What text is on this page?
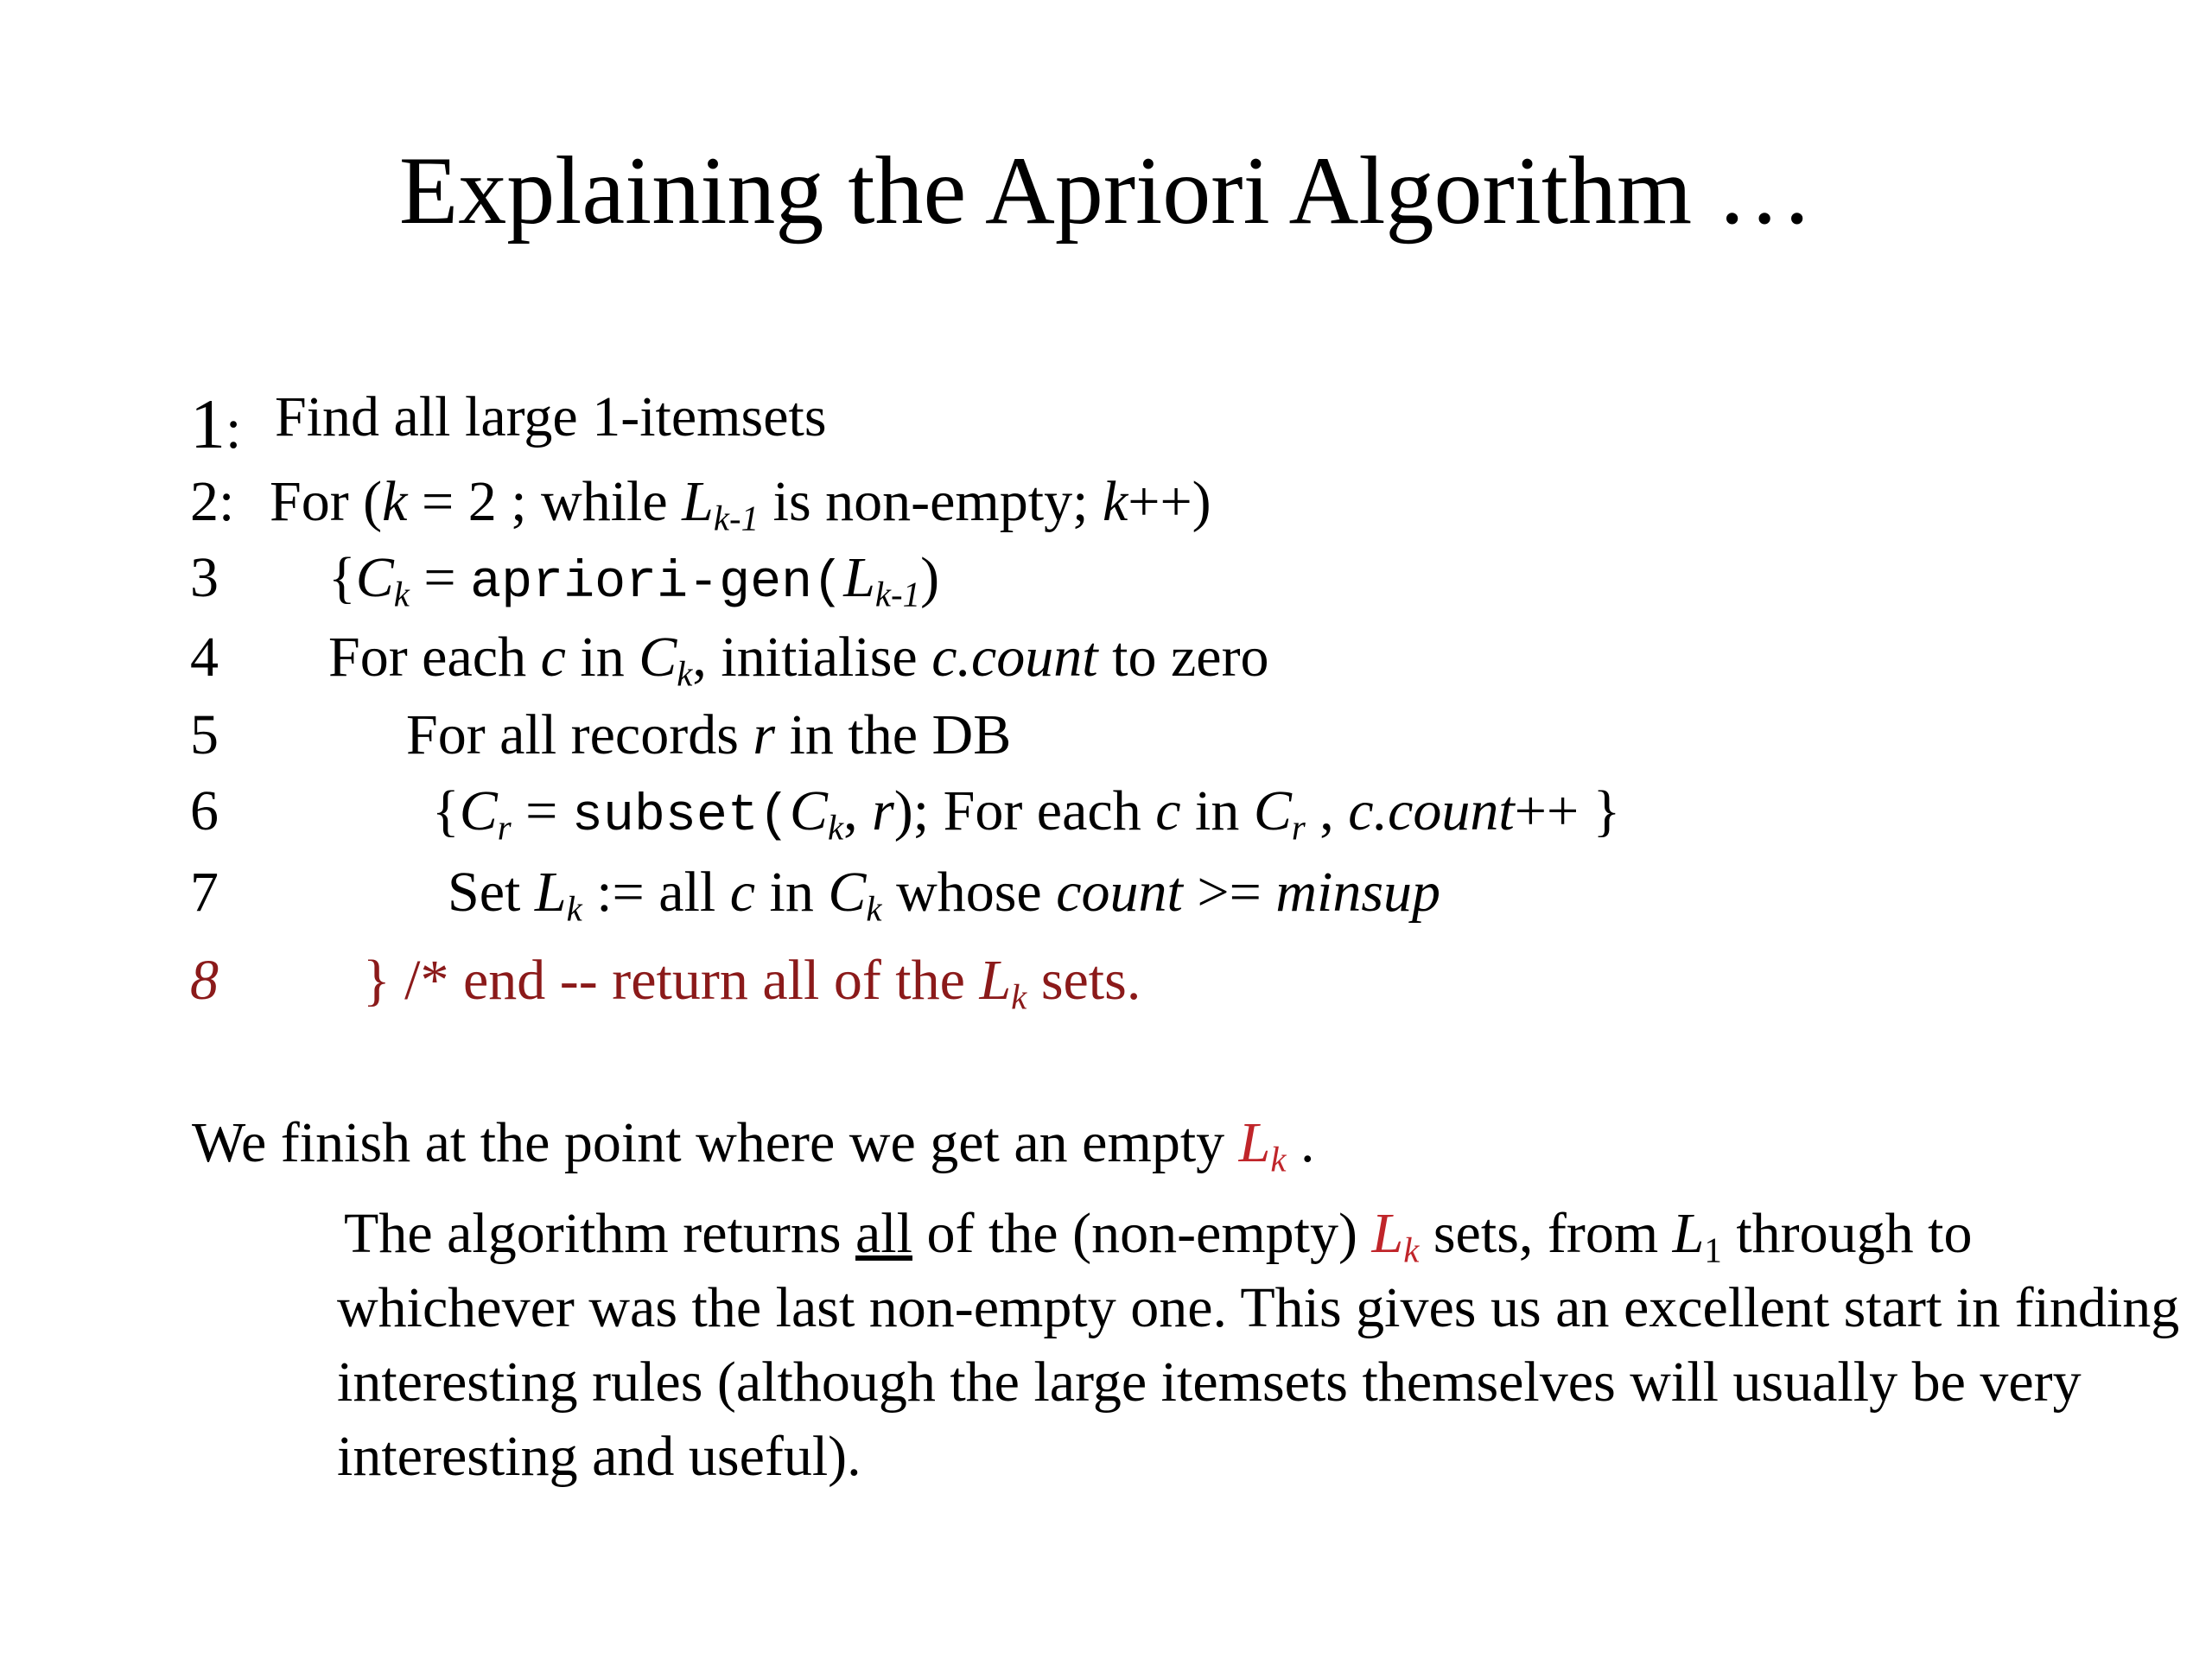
Explaining the Apriori Algorithm …
1: Find all large 1-itemsets
2: For (k = 2 ; while $L_{k-1}$ is non-empty; k++)
3 {$C_k$ = apriori-$gen(L_{k-1})$
4 For each c in $C_k$, initialise c.count to zero
5	For all records r in the DB
6	{$C_r$ = $subset(C_k$, r); For each c in $C_r$ , c.count++ }
7	Set $L_k$ := all c in $C_k$ whose count >= minsup
8	} /* end -- return all of the $L_k$ sets.
We finish at the point where we get an empty $L_k$ .
The algorithm returns all of the (non-empty) $L_k$ sets, from $L_1$ through to whichever was the last non-empty one. This gives us an excellent start in finding interesting rules (although the large itemsets themselves will usually be very interesting and useful).
